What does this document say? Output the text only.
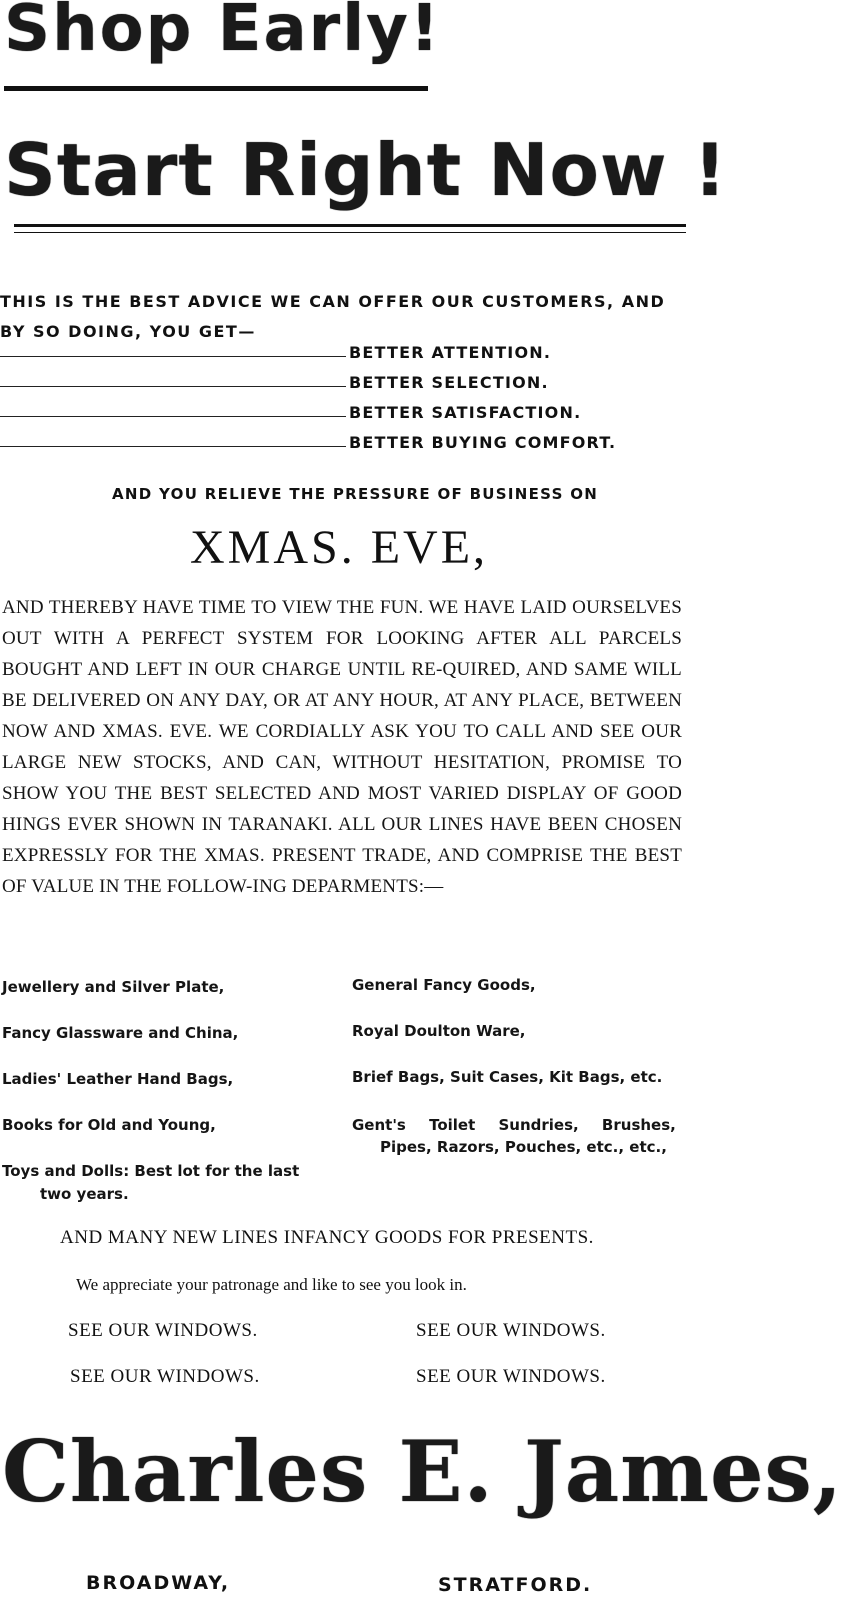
Shop Early!
Start Right Now !
THIS IS THE BEST ADVICE WE CAN OFFER OUR CUSTOMERS, AND
BY SO DOING, YOU GET—
BETTER ATTENTION.
BETTER SELECTION.
BETTER SATISFACTION.
BETTER BUYING COMFORT.
AND YOU RELIEVE THE PRESSURE OF BUSINESS ON
XMAS. EVE,
AND THEREBY HAVE TIME TO VIEW THE FUN. WE HAVE LAID OURSELVES OUT WITH A PERFECT SYSTEM FOR LOOKING AFTER ALL PARCELS BOUGHT AND LEFT IN OUR CHARGE UNTIL RE-QUIRED, AND SAME WILL BE DELIVERED ON ANY DAY, OR AT ANY HOUR, AT ANY PLACE, BETWEEN NOW AND XMAS. EVE. WE CORDIALLY ASK YOU TO CALL AND SEE OUR LARGE NEW STOCKS, AND CAN, WITHOUT HESITATION, PROMISE TO SHOW YOU THE BEST SELECTED AND MOST VARIED DISPLAY OF GOOD HINGS EVER SHOWN IN TARANAKI. ALL OUR LINES HAVE BEEN CHOSEN EXPRESSLY FOR THE XMAS. PRESENT TRADE, AND COMPRISE THE BEST OF VALUE IN THE FOLLOW-ING DEPARMENTS:—
Jewellery and Silver Plate,
Fancy Glassware and China,
Ladies' Leather Hand Bags,
Books for Old and Young,
Toys and Dolls: Best lot for the last
two years.
General Fancy Goods,
Royal Doulton Ware,
Brief Bags, Suit Cases, Kit Bags, etc.
Gent's Toilet Sundries, Brushes,
Pipes, Razors, Pouches, etc., etc.,
AND MANY NEW LINES INFANCY GOODS FOR PRESENTS.
We appreciate your patronage and like to see you look in.
SEE OUR WINDOWS.	SEE OUR WINDOWS.
SEE OUR WINDOWS.	SEE OUR WINDOWS.
Charles E. James,
BROADWAY,	STRATFORD.
